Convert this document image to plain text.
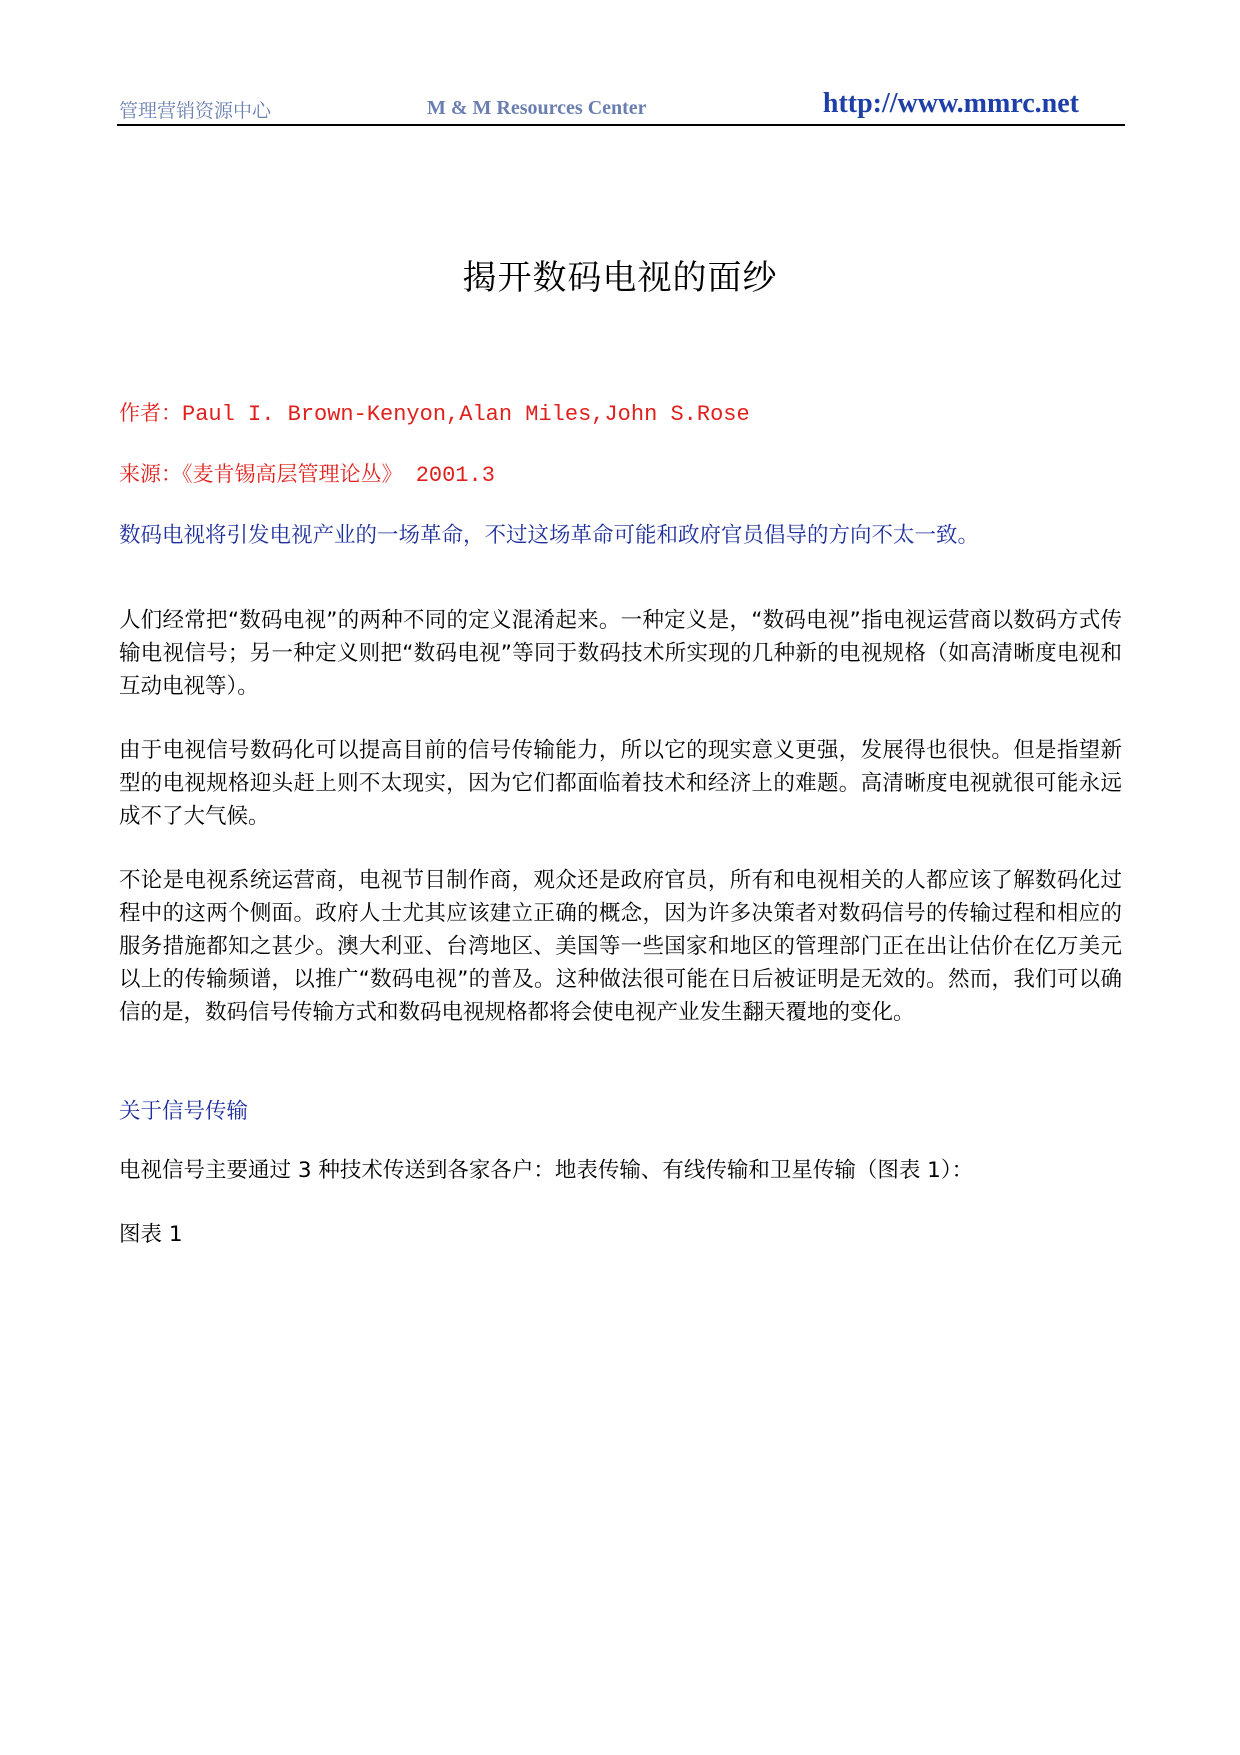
管理营销资源中心	M & M Resources Center	http://www.mmrc.net
揭开数码电视的面纱
作者：Paul I. Brown-Kenyon,Alan Miles,John S.Rose
来源：《麦肯锡高层管理论丛》 2001.3
数码电视将引发电视产业的一场革命，不过这场革命可能和政府官员倡导的方向不太一致。

人们经常把“数码电视”的两种不同的定义混淆起来。一种定义是，“数码电视”指电视运营商以数码方式传输电视信号；另一种定义则把“数码电视”等同于数码技术所实现的几种新的电视规格（如高清晰度电视和互动电视等）。

由于电视信号数码化可以提高目前的信号传输能力，所以它的现实意义更强，发展得也很快。但是指望新型的电视规格迎头赶上则不太现实，因为它们都面临着技术和经济上的难题。高清晰度电视就很可能永远成不了大气候。

不论是电视系统运营商，电视节目制作商，观众还是政府官员，所有和电视相关的人都应该了解数码化过程中的这两个侧面。政府人士尤其应该建立正确的概念，因为许多决策者对数码信号的传输过程和相应的服务措施都知之甚少。澳大利亚、台湾地区、美国等一些国家和地区的管理部门正在出让估价在亿万美元以上的传输频谱，以推广“数码电视”的普及。这种做法很可能在日后被证明是无效的。然而，我们可以确信的是，数码信号传输方式和数码电视规格都将会使电视产业发生翻天覆地的变化。

关于信号传输

电视信号主要通过 3 种技术传送到各家各户：地表传输、有线传输和卫星传输（图表 1）：

图表 1
